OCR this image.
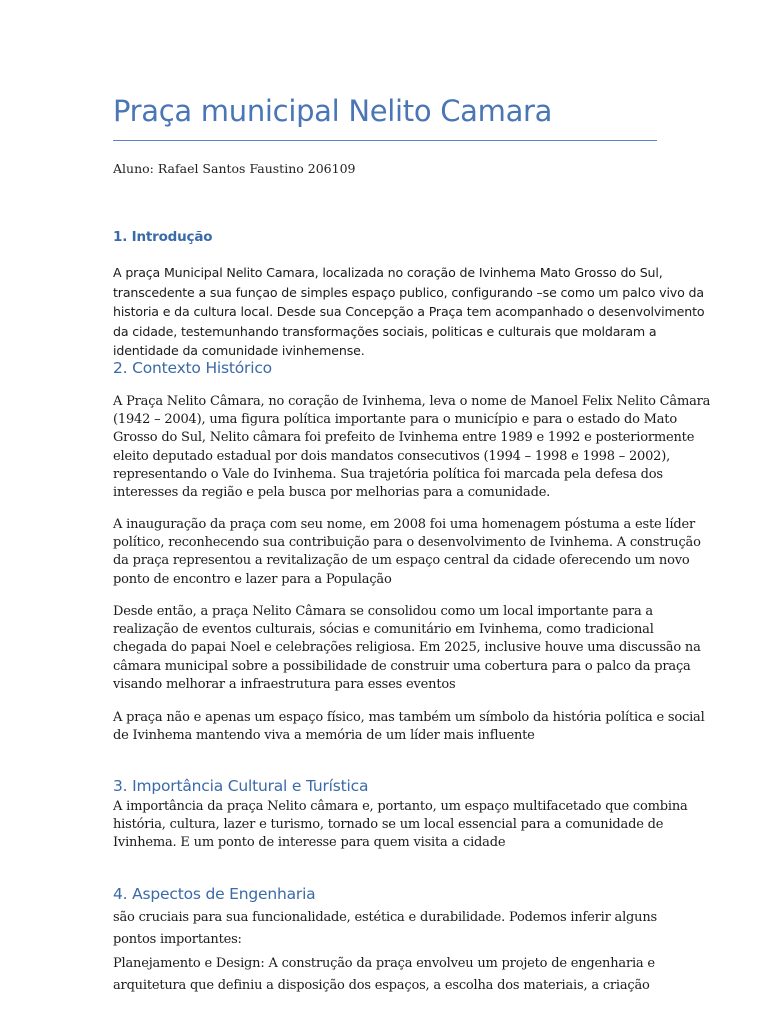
Praça municipal Nelito Camara
Aluno: Rafael Santos Faustino 206109
1. Introdução
A praça Municipal Nelito Camara, localizada no coração de Ivinhema Mato Grosso do Sul,
transcedente a sua funçao de simples espaço publico, configurando –se como um palco vivo da
historia e da cultura local. Desde sua Concepção a Praça tem acompanhado o desenvolvimento
da cidade, testemunhando transformações sociais, politicas e culturais que moldaram a
identidade da comunidade ivinhemense.
2. Contexto Histórico
A Praça Nelito Câmara, no coração de Ivinhema, leva o nome de Manoel Felix Nelito Câmara
(1942 – 2004), uma figura política importante para o município e para o estado do Mato
Grosso do Sul, Nelito câmara foi prefeito de Ivinhema entre 1989 e 1992 e posteriormente
eleito deputado estadual por dois mandatos consecutivos (1994 – 1998 e 1998 – 2002),
representando o Vale do Ivinhema. Sua trajetória política foi marcada pela defesa dos
interesses da região e pela busca por melhorias para a comunidade.
A inauguração da praça com seu nome, em 2008 foi uma homenagem póstuma a este líder
político, reconhecendo sua contribuição para o desenvolvimento de Ivinhema. A construção
da praça representou a revitalização de um espaço central da cidade oferecendo um novo
ponto de encontro e lazer para a População
Desde então, a praça Nelito Câmara se consolidou como um local importante para a
realização de eventos culturais, sócias e comunitário em Ivinhema, como tradicional
chegada do papai Noel e celebrações religiosa. Em 2025, inclusive houve uma discussão na
câmara municipal sobre a possibilidade de construir uma cobertura para o palco da praça
visando melhorar a infraestrutura para esses eventos
A praça não e apenas um espaço físico, mas também um símbolo da história política e social
de Ivinhema mantendo viva a memória de um líder mais influente
3. Importância Cultural e Turística
A importância da praça Nelito câmara e, portanto, um espaço multifacetado que combina
história, cultura, lazer e turismo, tornado se um local essencial para a comunidade de
Ivinhema. E um ponto de interesse para quem visita a cidade
4. Aspectos de Engenharia
são cruciais para sua funcionalidade, estética e durabilidade. Podemos inferir alguns
pontos importantes:
Planejamento e Design: A construção da praça envolveu um projeto de engenharia e
arquitetura que definiu a disposição dos espaços, a escolha dos materiais, a criação
